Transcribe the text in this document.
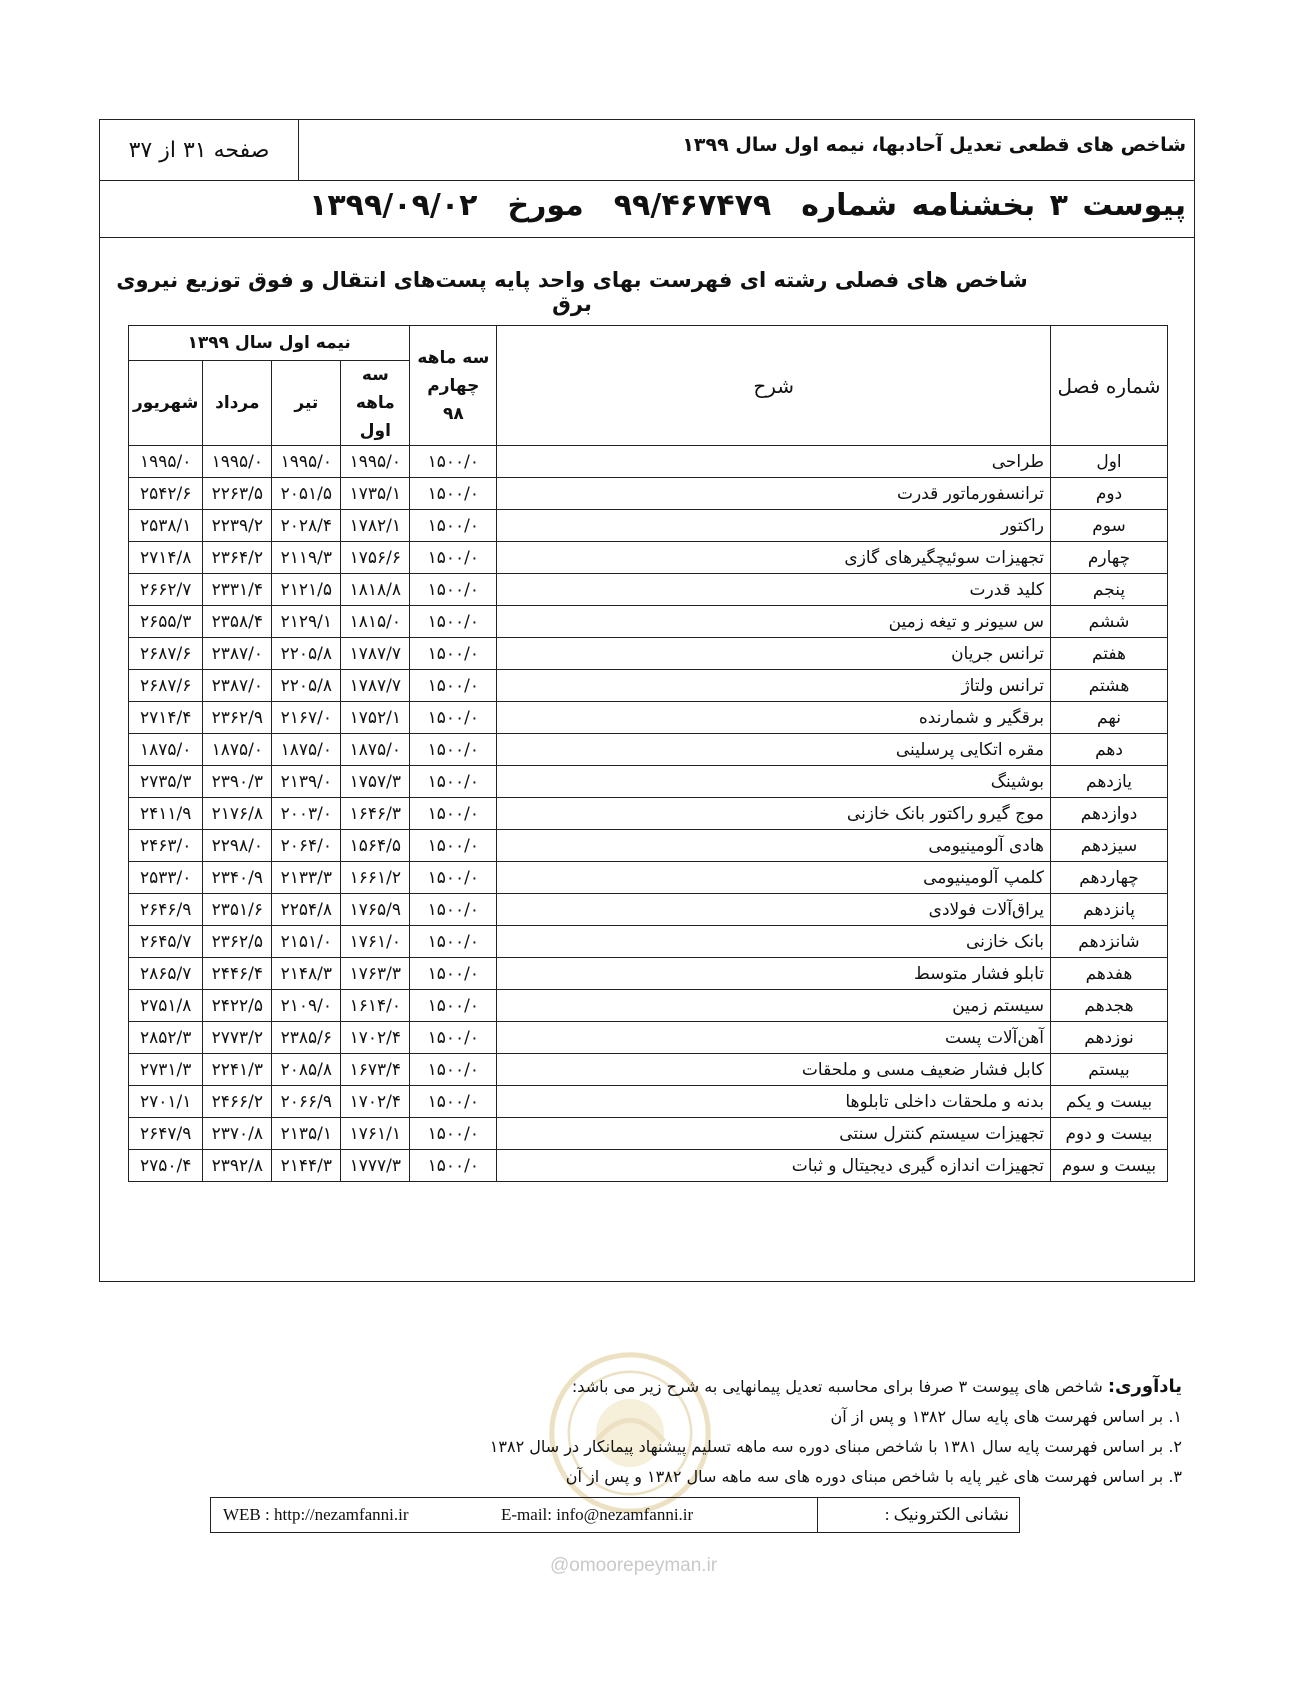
شاخص های قطعی تعدیل آحادبها، نیمه اول سال ۱۳۹۹
صفحه ۳۱ از ۳۷
پیوست ۳ بخشنامه شماره۹۹/۴۶۷۴۷۹مورخ۱۳۹۹/۰۹/۰۲
شاخص های فصلی رشته ای فهرست بهای واحد پایه پست‌های انتقال و فوق توزیع نیروی برق
شماره فصل	شرح	سه ماهه چهارم ۹۸	نیمه اول سال ۱۳۹۹			
			سه ماهه اول	تیر	مرداد	شهریور
اول	طراحی	۱۵۰۰/۰	۱۹۹۵/۰	۱۹۹۵/۰	۱۹۹۵/۰	۱۹۹۵/۰
دوم	ترانسفورماتور قدرت	۱۵۰۰/۰	۱۷۳۵/۱	۲۰۵۱/۵	۲۲۶۳/۵	۲۵۴۲/۶
سوم	راکتور	۱۵۰۰/۰	۱۷۸۲/۱	۲۰۲۸/۴	۲۲۳۹/۲	۲۵۳۸/۱
چهارم	تجهیزات سوئیچگیرهای گازی	۱۵۰۰/۰	۱۷۵۶/۶	۲۱۱۹/۳	۲۳۶۴/۲	۲۷۱۴/۸
پنجم	کلید قدرت	۱۵۰۰/۰	۱۸۱۸/۸	۲۱۲۱/۵	۲۳۳۱/۴	۲۶۶۲/۷
ششم	س سیونر و تیغه زمین	۱۵۰۰/۰	۱۸۱۵/۰	۲۱۲۹/۱	۲۳۵۸/۴	۲۶۵۵/۳
هفتم	ترانس جریان	۱۵۰۰/۰	۱۷۸۷/۷	۲۲۰۵/۸	۲۳۸۷/۰	۲۶۸۷/۶
هشتم	ترانس ولتاژ	۱۵۰۰/۰	۱۷۸۷/۷	۲۲۰۵/۸	۲۳۸۷/۰	۲۶۸۷/۶
نهم	برقگیر و شمارنده	۱۵۰۰/۰	۱۷۵۲/۱	۲۱۶۷/۰	۲۳۶۲/۹	۲۷۱۴/۴
دهم	مقره اتکایی پرسلینی	۱۵۰۰/۰	۱۸۷۵/۰	۱۸۷۵/۰	۱۸۷۵/۰	۱۸۷۵/۰
یازدهم	بوشینگ	۱۵۰۰/۰	۱۷۵۷/۳	۲۱۳۹/۰	۲۳۹۰/۳	۲۷۳۵/۳
دوازدهم	موج گیرو راکتور بانک خازنی	۱۵۰۰/۰	۱۶۴۶/۳	۲۰۰۳/۰	۲۱۷۶/۸	۲۴۱۱/۹
سیزدهم	هادی آلومینیومی	۱۵۰۰/۰	۱۵۶۴/۵	۲۰۶۴/۰	۲۲۹۸/۰	۲۴۶۳/۰
چهاردهم	کلمپ آلومینیومی	۱۵۰۰/۰	۱۶۶۱/۲	۲۱۳۳/۳	۲۳۴۰/۹	۲۵۳۳/۰
پانزدهم	یراق‌آلات فولادی	۱۵۰۰/۰	۱۷۶۵/۹	۲۲۵۴/۸	۲۳۵۱/۶	۲۶۴۶/۹
شانزدهم	بانک خازنی	۱۵۰۰/۰	۱۷۶۱/۰	۲۱۵۱/۰	۲۳۶۲/۵	۲۶۴۵/۷
هفدهم	تابلو فشار متوسط	۱۵۰۰/۰	۱۷۶۳/۳	۲۱۴۸/۳	۲۴۴۶/۴	۲۸۶۵/۷
هجدهم	سیستم زمین	۱۵۰۰/۰	۱۶۱۴/۰	۲۱۰۹/۰	۲۴۲۲/۵	۲۷۵۱/۸
نوزدهم	آهن‌آلات پست	۱۵۰۰/۰	۱۷۰۲/۴	۲۳۸۵/۶	۲۷۷۳/۲	۲۸۵۲/۳
بیستم	کابل فشار ضعیف مسی و ملحقات	۱۵۰۰/۰	۱۶۷۳/۴	۲۰۸۵/۸	۲۲۴۱/۳	۲۷۳۱/۳
بیست و یکم	بدنه و ملحقات داخلی تابلوها	۱۵۰۰/۰	۱۷۰۲/۴	۲۰۶۶/۹	۲۴۶۶/۲	۲۷۰۱/۱
بیست و دوم	تجهیزات سیستم کنترل سنتی	۱۵۰۰/۰	۱۷۶۱/۱	۲۱۳۵/۱	۲۳۷۰/۸	۲۶۴۷/۹
بیست و سوم	تجهیزات اندازه گیری دیجیتال و ثبات	۱۵۰۰/۰	۱۷۷۷/۳	۲۱۴۴/۳	۲۳۹۲/۸	۲۷۵۰/۴
یادآوری: شاخص های پیوست ۳ صرفا برای محاسبه تعدیل پیمانهایی به شرح زیر می باشد:
۱. بر اساس فهرست های پایه سال ۱۳۸۲ و پس از آن
۲. بر اساس فهرست پایه سال ۱۳۸۱ با شاخص مبنای دوره سه ماهه تسلیم پیشنهاد پیمانکار در سال ۱۳۸۲
۳. بر اساس فهرست های غیر پایه با شاخص مبنای دوره های سه ماهه سال ۱۳۸۲ و پس از آن
نشانی الکترونیک :
E-mail: info@nezamfanni.ir
WEB : http://nezamfanni.ir
@omoorepeyman.ir
